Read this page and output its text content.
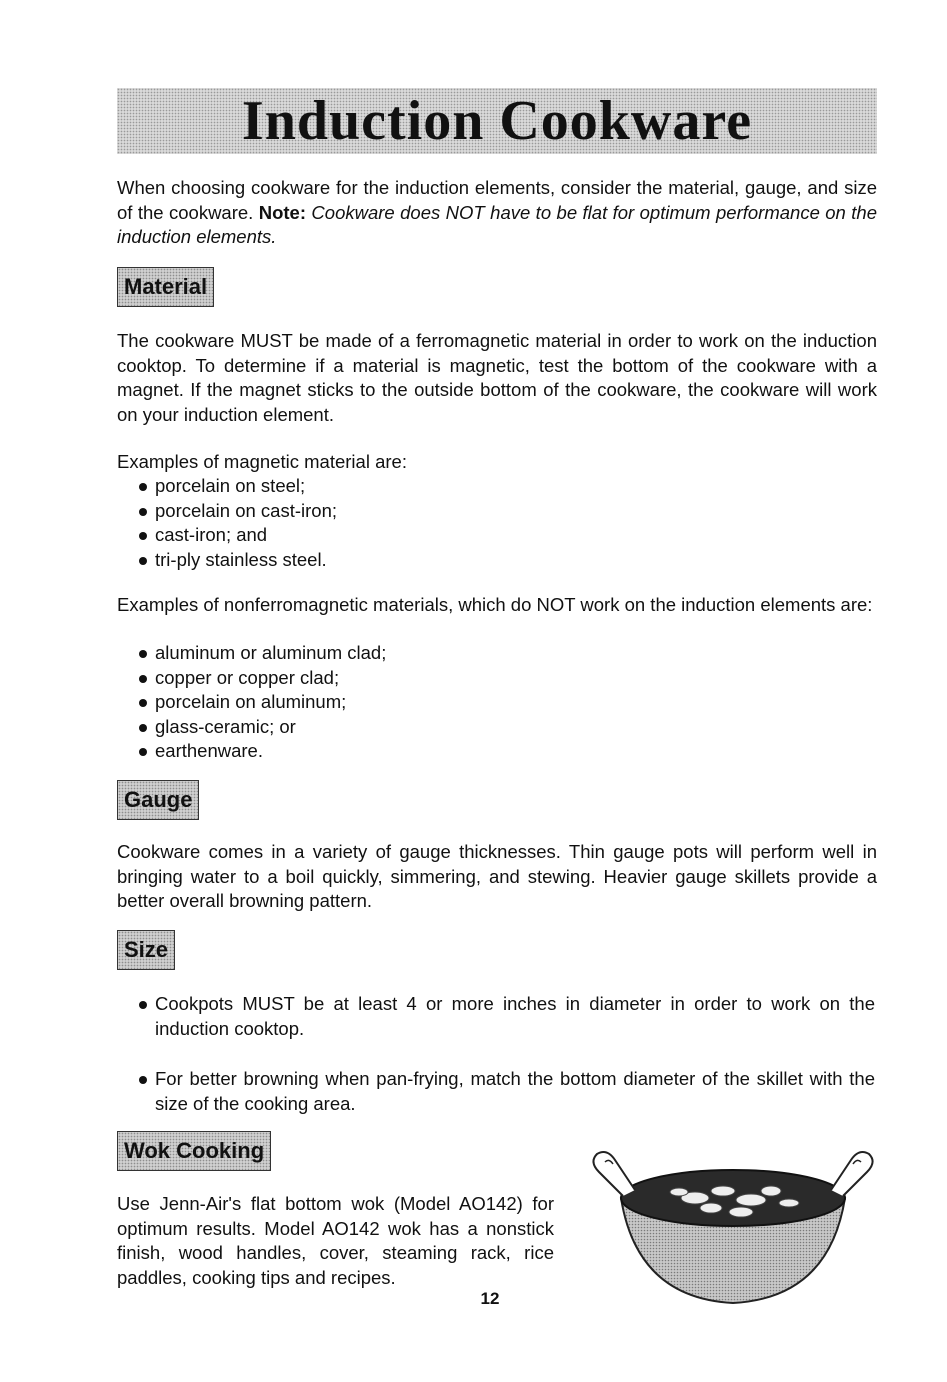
Induction Cookware

When choosing cookware for the induction elements, consider the material, gauge, and size of the cookware. Note: Cookware does NOT have to be flat for optimum performance on the induction elements.

Material

The cookware MUST be made of a ferromagnetic material in order to work on the induction cooktop. To determine if a material is magnetic, test the bottom of the cookware with a magnet. If the magnet sticks to the outside bottom of the cookware, the cookware will work on your induction element.

Examples of magnetic material are:

porcelain on steel;
porcelain on cast-iron;
cast-iron; and
tri-ply stainless steel.

Examples of nonferromagnetic materials, which do NOT work on the induction elements are:

aluminum or aluminum clad;
copper or copper clad;
porcelain on aluminum;
glass-ceramic; or
earthenware.
Gauge

Cookware comes in a variety of gauge thicknesses. Thin gauge pots will perform well in bringing water to a boil quickly, simmering, and stewing. Heavier gauge skillets provide a better overall browning pattern.

Size
Cookpots MUST be at least 4 or more inches in diameter in order to work on the induction cooktop.
For better browning when pan-frying, match the bottom diameter of the skillet with the size of the cooking area.
Wok Cooking

Use Jenn-Air's flat bottom wok (Model AO142) for optimum results. Model AO142 wok has a nonstick finish, wood handles, cover, steaming rack, rice paddles, cooking tips and recipes.

12
